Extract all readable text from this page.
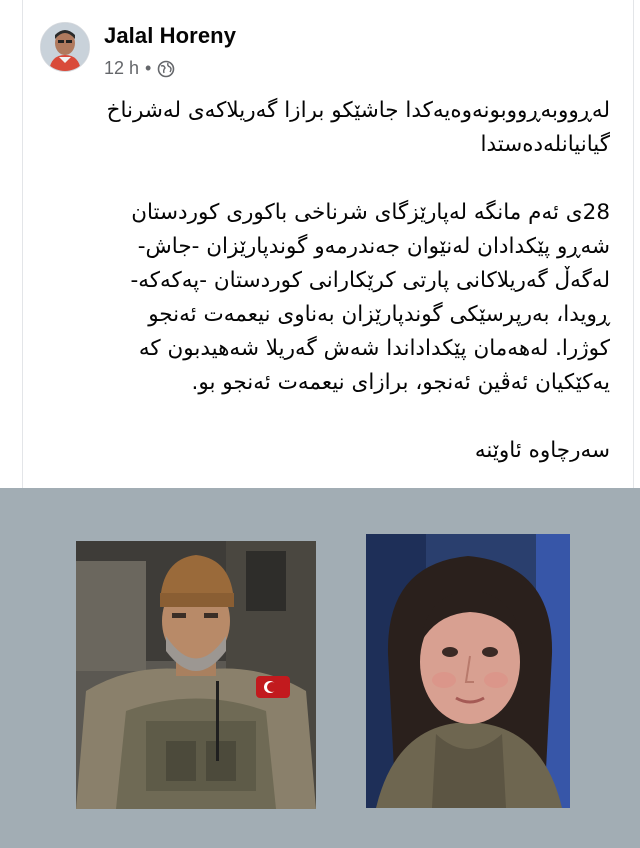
Jalal Horeny
12 h •

لەڕووبەڕووبونەوەیەکدا جاشێکو برازا گەریلاکەی لەشرناخ

گیانیانلەدەستدا

28ی ئەم مانگە لەپارێزگای شرناخی باکوری کوردستان

شەڕو پێکدادان لەنێوان جەندرمەو گوندپارێزان -جاش-

لەگەڵ گەریلاکانی پارتی کرێکارانی کوردستان -پەکەکە-

ڕویدا، بەرپرسێکی گوندپارێزان بەناوی نیعمەت ئەنجو

کوژرا. لەهەمان پێکداداندا شەش گەریلا شەهیدبون کە

یەکێکیان ئەڤین ئەنجو، برازای نیعمەت ئەنجو بو.

سەرچاوە ئاوێنە
